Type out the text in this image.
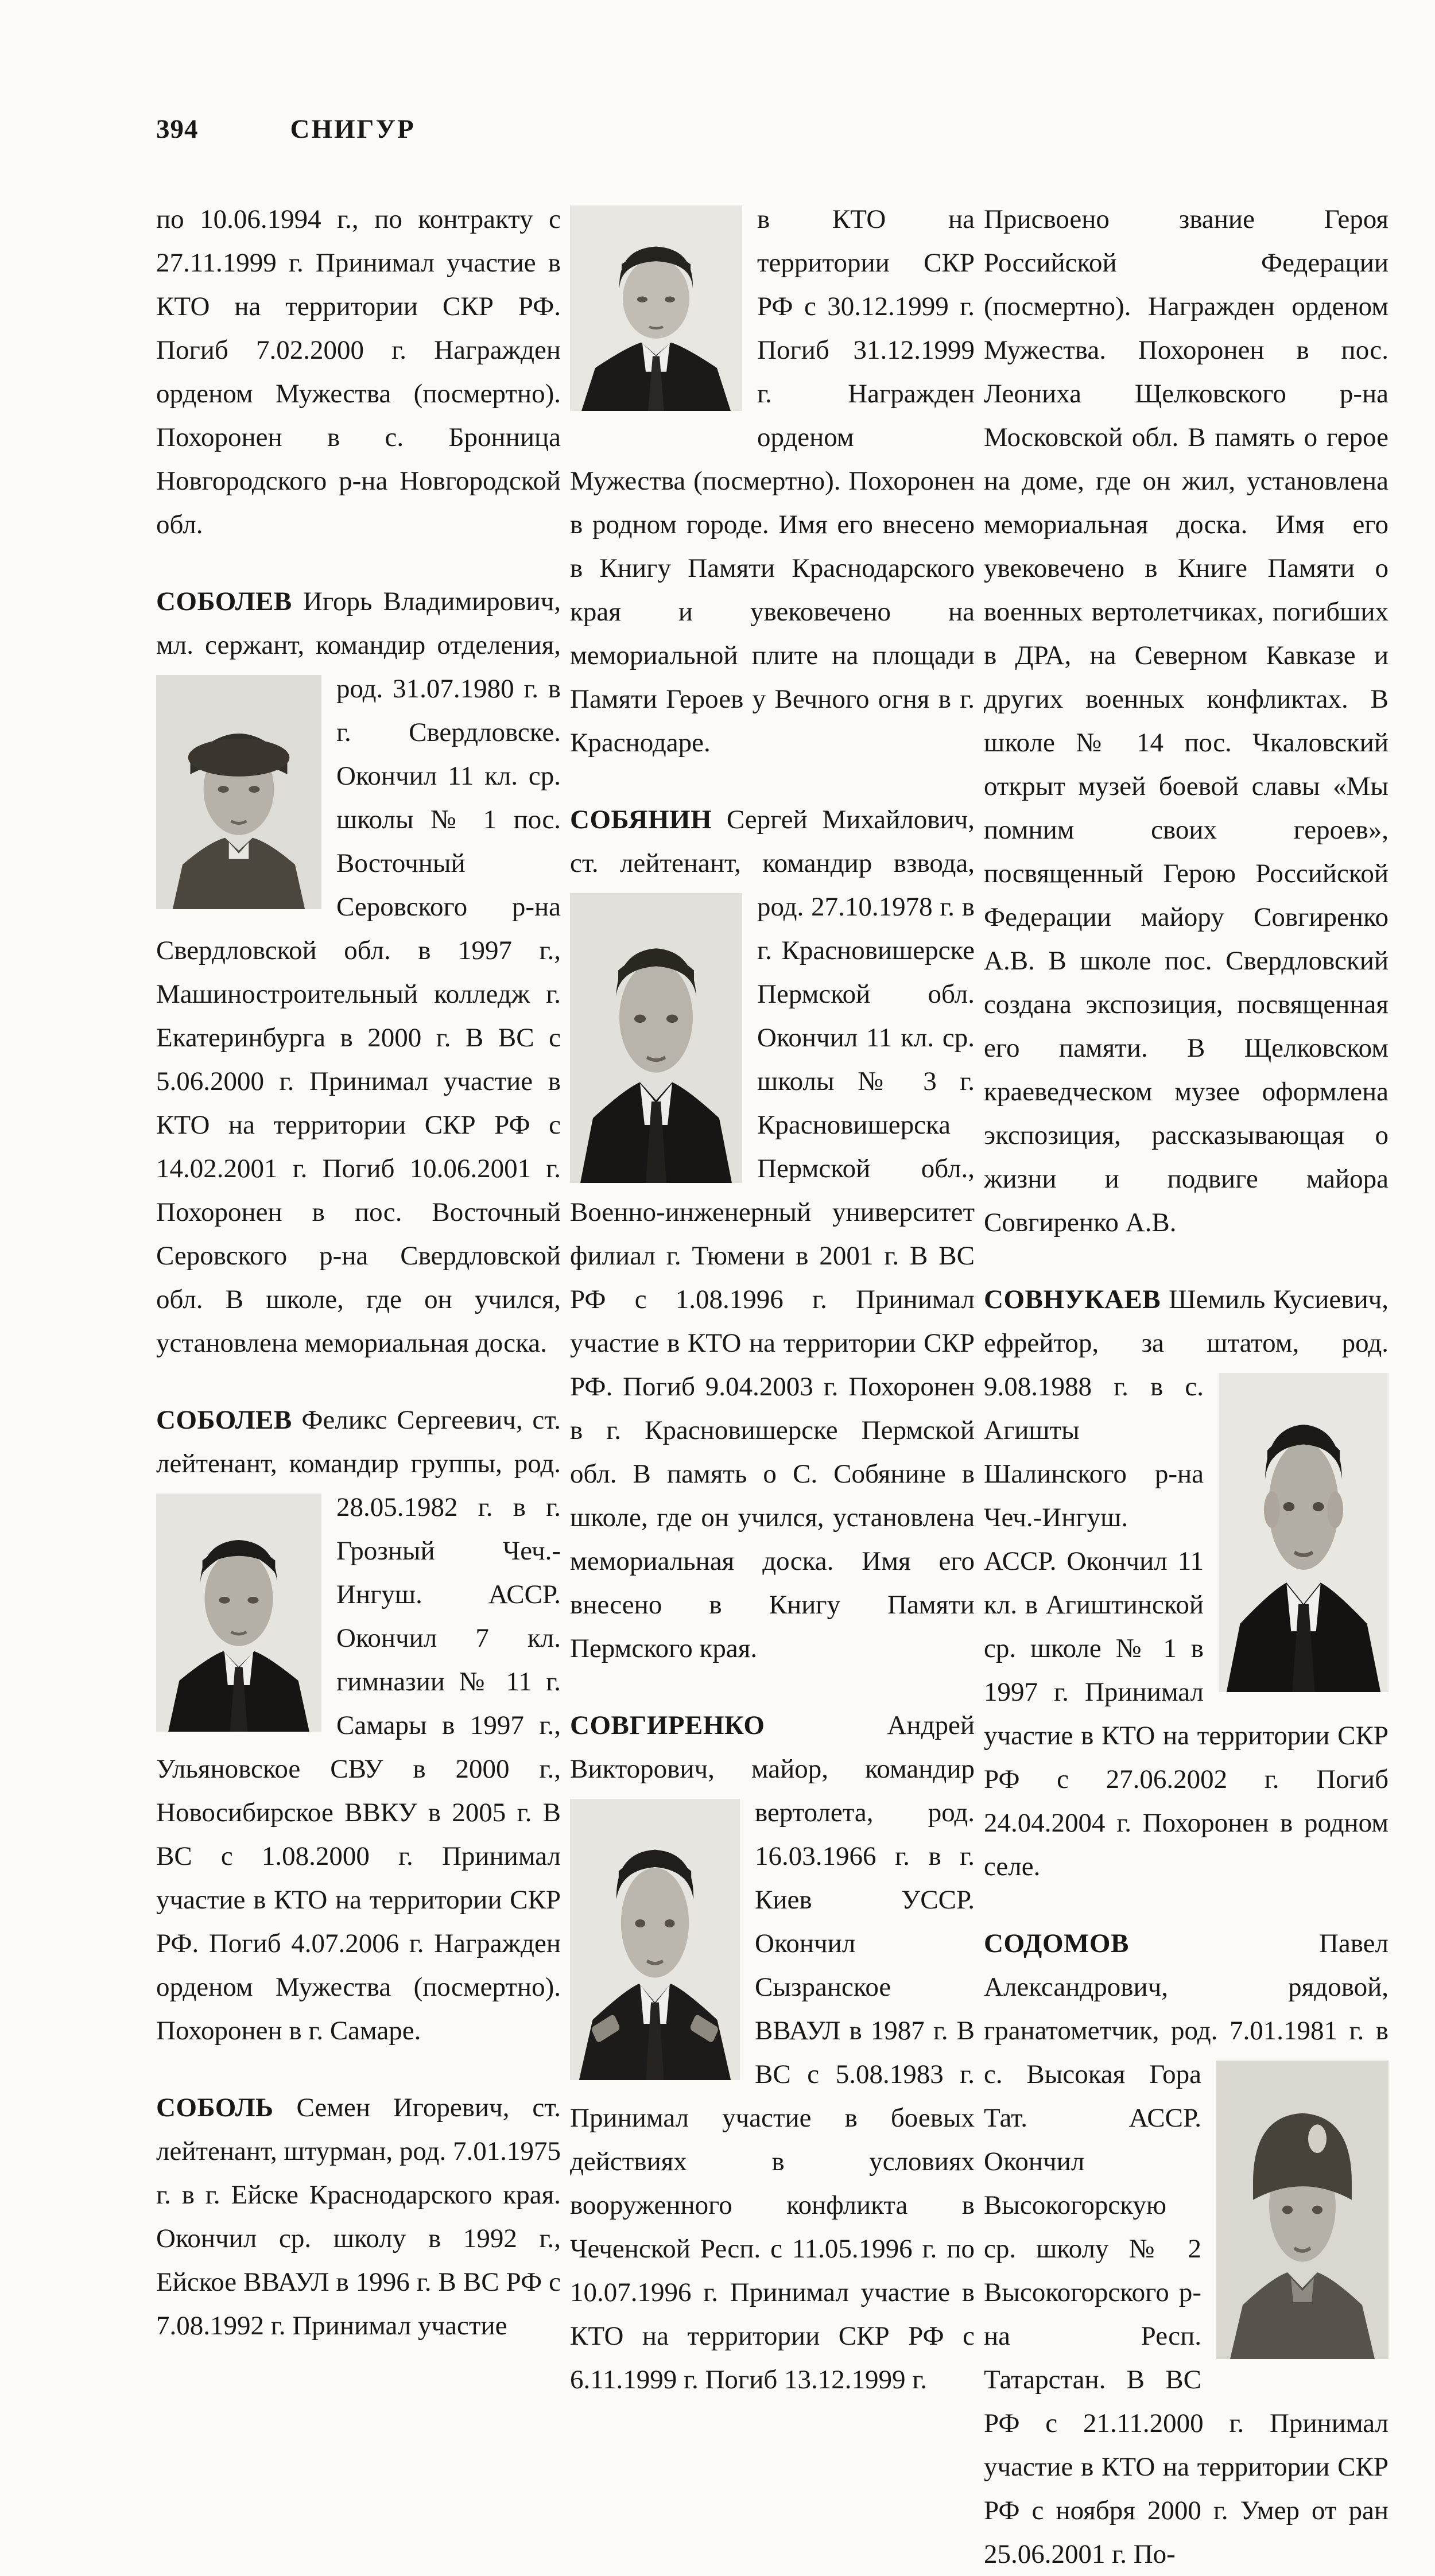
394	СНИГУР

по 10.06.1994 г., по контракту с 27.11.1999 г. Принимал участие в КТО на территории СКР РФ. Погиб 7.02.2000 г. Награжден орденом Мужества (посмертно). Похоронен в с. Бронница Новгородского р-на Новгородской обл.

СОБОЛЕВ Игорь Владимирович, мл. сержант, командир отделения,
род. 31.07.1980 г. в г. Свердловске. Окончил 11 кл. ср. школы № 1 пос. Восточный Серовского р-на Свердловской обл. в 1997 г., Машиностроительный колледж г. Екатеринбурга в 2000 г. В ВС с 5.06.2000 г. Принимал участие в КТО на территории СКР РФ с 14.02.2001 г. Погиб 10.06.2001 г. Похоронен в пос. Восточный Серовского р-на Свердловской обл. В школе, где он учился, установлена мемориальная доска.
СОБОЛЕВ Феликс Сергеевич, ст. лейтенант, командир группы, род. 28.05.1982 г. в г. Грозный Чеч.-Ингуш. АССР. Окончил 7 кл. гимназии № 11 г. Самары в 1997 г., Ульяновское СВУ в 2000 г., Новосибирское ВВКУ в 2005 г. В ВС с 1.08.2000 г. Принимал участие в КТО на территории СКР РФ. Погиб 4.07.2006 г. Награжден орденом Мужества (посмертно). Похоронен в г. Самаре.

СОБОЛЬ Семен Игоревич, ст. лейтенант, штурман, род. 7.01.1975 г. в г. Ейске Краснодарского края. Окончил ср. школу в 1992 г., Ейское ВВАУЛ в 1996 г. В ВС РФ с 7.08.1992 г. Принимал участие

в КТО на территории СКР РФ с 30.12.1999 г. Погиб 31.12.1999 г. Награжден орденом Мужества (посмертно). Похоронен в родном городе. Имя его внесено в Книгу Памяти Краснодарского края и увековечено на мемориальной плите на площади Памяти Героев у Вечного огня в г. Краснодаре.
СОБЯНИН Сергей Михайлович, ст. лейтенант, командир взвода,
род. 27.10.1978 г. в г. Красновишерске Пермской обл. Окончил 11 кл. ср. школы № 3 г. Красновишерска Пермской обл., Военно-инженерный университет филиал г. Тюмени в 2001 г. В ВС РФ с 1.08.1996 г. Принимал участие в КТО на территории СКР РФ. Погиб 9.04.2003 г. Похоронен в г. Красновишерске Пермской обл. В память о С. Собянине в школе, где он учился, установлена мемориальная доска. Имя его внесено в Книгу Памяти Пермского края.
СОВГИРЕНКО	Андрей Викторович, майор, командир вертолета, род. 16.03.1966 г. в г. Киев УССР. Окончил Сызранское ВВАУЛ в 1987 г. В ВС с 5.08.1983 г. Принимал участие в боевых действиях в условиях вооруженного конфликта в Чеченской Респ. с 11.05.1996 г. по 10.07.1996 г. Принимал участие в КТО на территории СКР РФ с 6.11.1999 г. Погиб 13.12.1999 г.

Присвоено звание Героя Российской Федерации (посмертно). Награжден орденом Мужества. Похоронен в пос. Леониха Щелковского р-на Московской обл. В память о герое на доме, где он жил, установлена мемориальная доска. Имя его увековечено в Книге Памяти о военных вертолетчиках, погибших в ДРА, на Северном Кавказе и других военных конфликтах. В школе № 14 пос. Чкаловский открыт музей боевой славы «Мы помним своих героев», посвященный Герою Российской Федерации майору Совгиренко А.В. В школе пос. Свердловский создана экспозиция, посвященная его памяти. В Щелковском краеведческом музее оформлена экспозиция, рассказывающая о жизни и подвиге майора Совгиренко А.В.

СОВНУКАЕВ Шемиль Кусиевич, ефрейтор, за штатом, род. 9.08.1988 г. в с. Агишты Шалинского р-на Чеч.-Ингуш. АССР. Окончил 11 кл. в Агиштинской ср. школе № 1 в 1997 г. Принимал участие в КТО на территории СКР РФ с 27.06.2002 г. Погиб 24.04.2004 г. Похоронен в родном селе.
СОДОМОВ	Павел Александрович, рядовой, гранатометчик, род. 7.01.1981 г. в с. Высокая Гора Тат. АССР. Окончил Высокогорскую ср. школу № 2 Высокогорского р-на Респ. Татарстан. В ВС РФ с 21.11.2000 г. Принимал участие в КТО на территории СКР РФ с ноября 2000 г. Умер от ран 25.06.2001 г. По-
